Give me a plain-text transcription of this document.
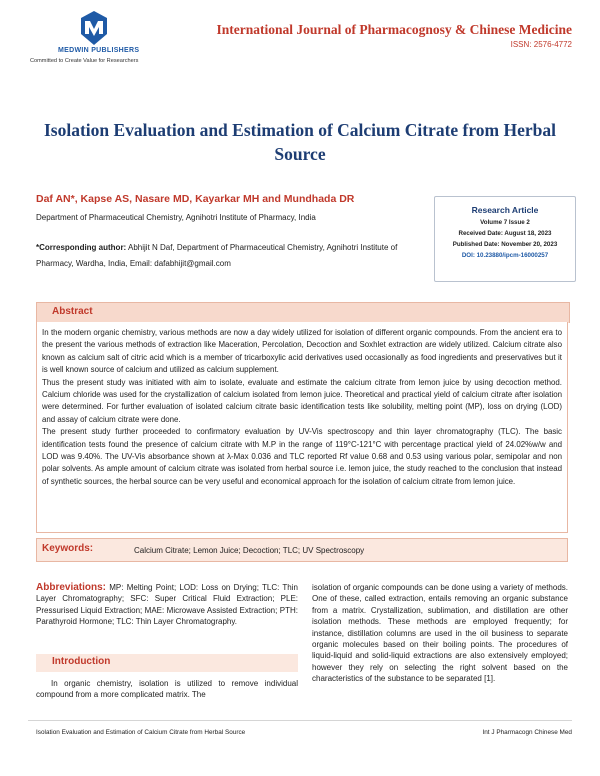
MEDWIN PUBLISHERS
Committed to Create Value for Researchers
International Journal of Pharmacognosy & Chinese Medicine
ISSN: 2576-4772
Isolation Evaluation and Estimation of Calcium Citrate from Herbal Source
Daf AN*, Kapse AS, Nasare MD, Kayarkar MH and Mundhada DR
Department of Pharmaceutical Chemistry, Agnihotri Institute of Pharmacy, India
*Corresponding author: Abhijit N Daf, Department of Pharmaceutical Chemistry, Agnihotri Institute of Pharmacy, Wardha, India, Email: dafabhijit@gmail.com
Research Article
Volume 7 Issue 2
Received Date: August 18, 2023
Published Date: November 20, 2023
DOI: 10.23880/ipcm-16000257
Abstract

In the modern organic chemistry, various methods are now a day widely utilized for isolation of different organic compounds. From the ancient era to the present the various methods of extraction like Maceration, Percolation, Decoction and Soxhlet extraction are widely utilized. Calcium citrate also known as calcium salt of citric acid which is a member of tricarboxylic acid derivatives used occasionally as food ingredients and preservatives but it is well known source of calcium and utilized as calcium supplement.

Thus the present study was initiated with aim to isolate, evaluate and estimate the calcium citrate from lemon juice by using decoction method. Calcium chloride was used for the crystallization of calcium isolated from lemon juice. Theoretical and practical yield of calcium citrate after isolation were determined. For further evaluation of isolated calcium citrate basic identification tests like solubility, melting point (MP), loss on drying (LOD) and assay of calcium citrate were done.

The present study further proceeded to confirmatory evaluation by UV-Vis spectroscopy and thin layer chromatography (TLC). The basic identification tests found the presence of calcium citrate with M.P in the range of 119°C-121°C with percentage practical yield of 24.02%w/w and LOD was 9.40%. The UV-Vis absorbance shown at λ-Max 0.036 and TLC reported Rf value 0.68 and 0.53 using various polar, semipolar and non polar solvents. As ample amount of calcium citrate was isolated from herbal source i.e. lemon juice, the study reached to the conclusion that instead of synthetic sources, the herbal source can be very useful and economical approach for the isolation of calcium citrate from lemon juice.

Keywords:	Calcium Citrate; Lemon Juice; Decoction; TLC; UV Spectroscopy
Abbreviations: MP: Melting Point; LOD: Loss on Drying; TLC: Thin Layer Chromatography; SFC: Super Critical Fluid Extraction; PLE: Pressurised Liquid Extraction; MAE: Microwave Assisted Extraction; PTH: Parathyroid Hormone; TLC: Thin Layer Chromatography.
Introduction
In organic chemistry, isolation is utilized to remove individual compound from a more complicated matrix. The
isolation of organic compounds can be done using a variety of methods. One of these, called extraction, entails removing an organic substance from a matrix. Crystallization, sublimation, and distillation are other isolation methods. These methods are employed frequently; for instance, distillation columns are used in the oil business to separate organic molecules based on their boiling points. The procedures of liquid-liquid and solid-liquid extractions are also extensively employed; however they rely on selecting the right solvent based on the characteristics of the substance to be separated [1].
Isolation Evaluation and Estimation of Calcium Citrate from Herbal Source	Int J Pharmacogn Chinese Med
